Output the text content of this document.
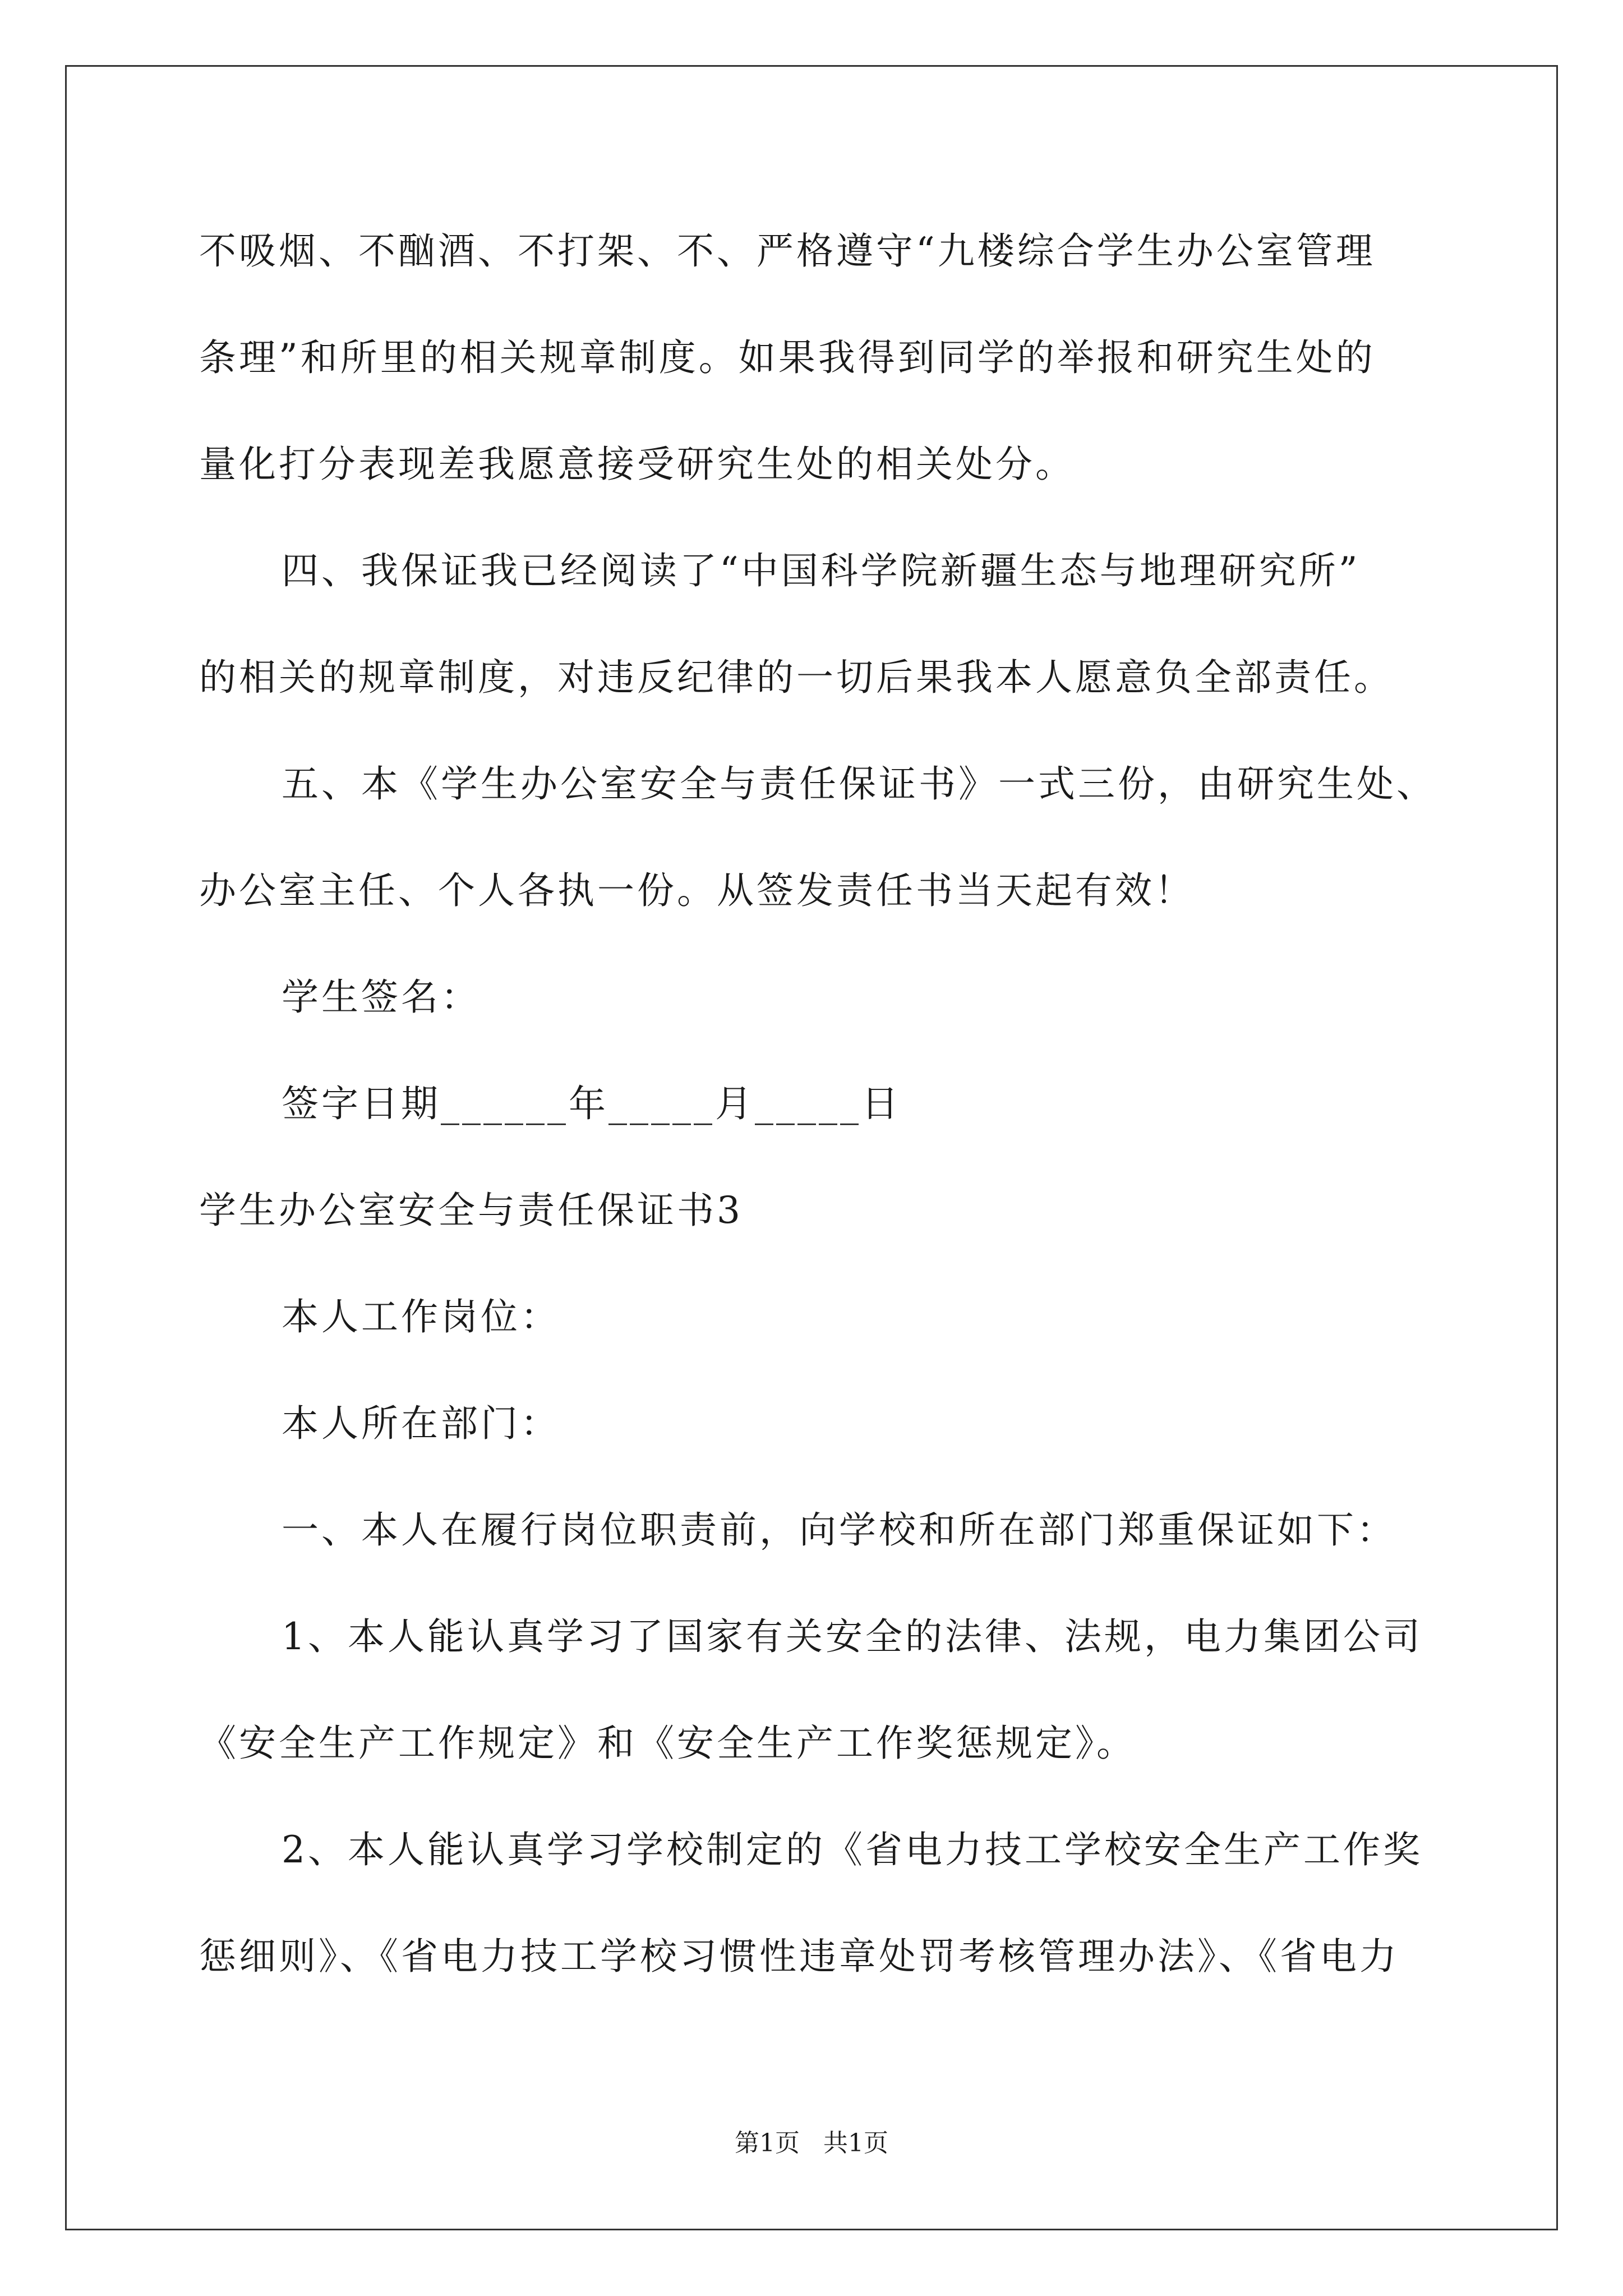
不吸烟、不酗酒、不打架、不、严格遵守“九楼综合学生办公室管理
条理”和所里的相关规章制度。如果我得到同学的举报和研究生处的
量化打分表现差我愿意接受研究生处的相关处分。
四、我保证我已经阅读了“中国科学院新疆生态与地理研究所”
的相关的规章制度，对违反纪律的一切后果我本人愿意负全部责任。
五、本《学生办公室安全与责任保证书》一式三份，由研究生处、
办公室主任、个人各执一份。从签发责任书当天起有效！
学生签名：
签字日期______年_____月_____日
学生办公室安全与责任保证书3
本人工作岗位：
本人所在部门：
一、本人在履行岗位职责前，向学校和所在部门郑重保证如下：
1、本人能认真学习了国家有关安全的法律、法规，电力集团公司
《安全生产工作规定》和《安全生产工作奖惩规定》。
2、本人能认真学习学校制定的《省电力技工学校安全生产工作奖
惩细则》、《省电力技工学校习惯性违章处罚考核管理办法》、《省电力
第1页   共1页
